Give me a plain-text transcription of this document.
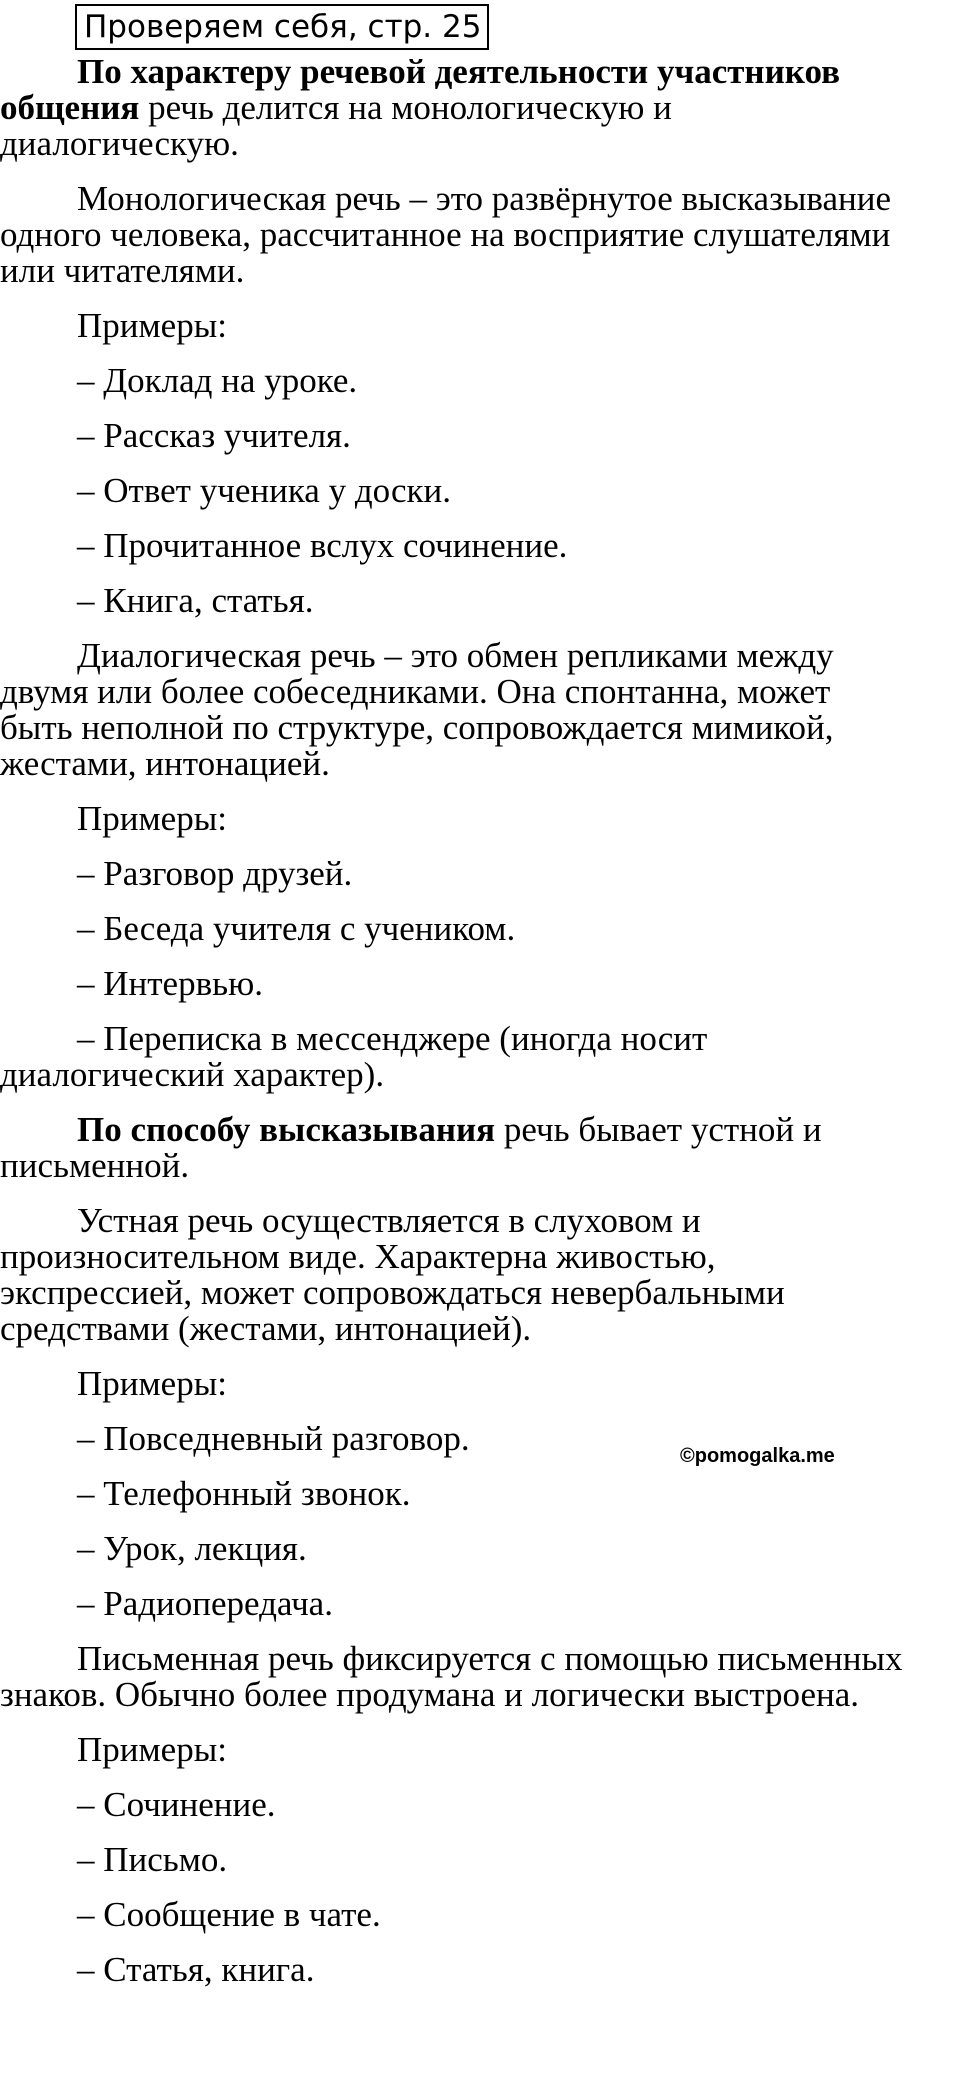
Проверяем себя, стр. 25
По характеру речевой деятельности участников
общения речь делится на монологическую и
диалогическую.
Монологическая речь – это развёрнутое высказывание
одного человека, рассчитанное на восприятие слушателями
или читателями.
Примеры:
– Доклад на уроке.
– Рассказ учителя.
– Ответ ученика у доски.
– Прочитанное вслух сочинение.
– Книга, статья.
Диалогическая речь – это обмен репликами между
двумя или более собеседниками. Она спонтанна, может
быть неполной по структуре, сопровождается мимикой,
жестами, интонацией.
Примеры:
– Разговор друзей.
– Беседа учителя с учеником.
– Интервью.
– Переписка в мессенджере (иногда носит
диалогический характер).
По способу высказывания речь бывает устной и
письменной.
Устная речь осуществляется в слуховом и
произносительном виде. Характерна живостью,
экспрессией, может сопровождаться невербальными
средствами (жестами, интонацией).
Примеры:
– Повседневный разговор.
– Телефонный звонок.
– Урок, лекция.
– Радиопередача.
Письменная речь фиксируется с помощью письменных
знаков. Обычно более продумана и логически выстроена.
Примеры:
– Сочинение.
– Письмо.
– Сообщение в чате.
– Статья, книга.
©pomogalka.me
